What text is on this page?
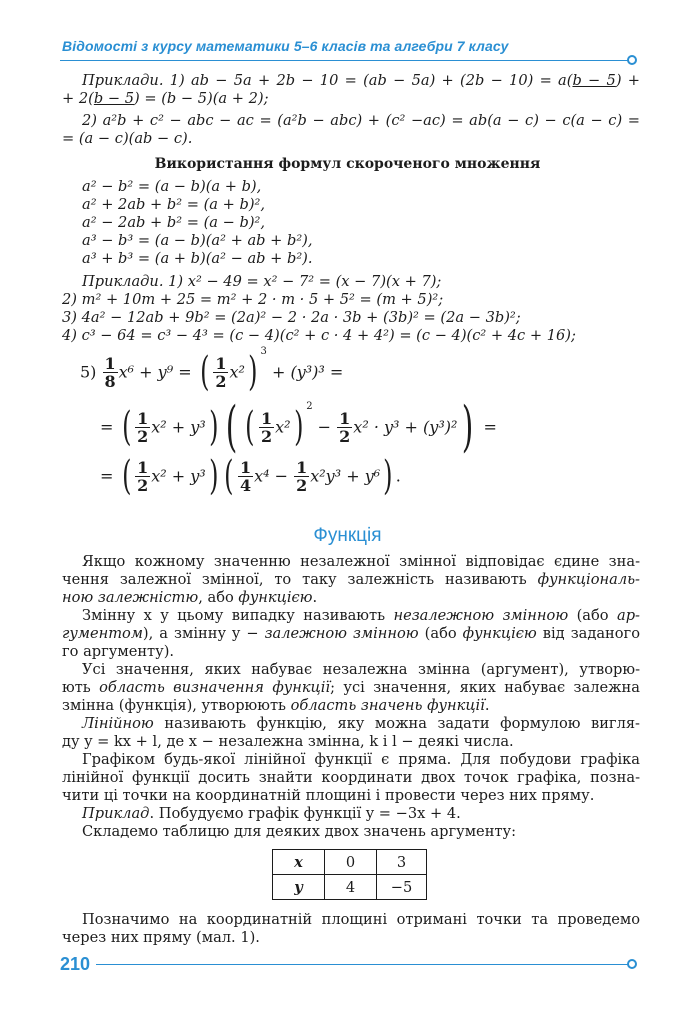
Відомості з курсу математики 5–6 класів та алгебри 7 класу
Приклади. 1) ab − 5a + 2b − 10 = (ab − 5a) + (2b − 10) = a(b − 5) +
+ 2(b − 5) = (b − 5)(a + 2);
2) a²b + c² − abc − ac = (a²b − abc) + (c² −ac) = ab(a − c) − c(a − c) =
= (a − c)(ab − c).
Використання формул скороченого множення
a² − b² = (a − b)(a + b),
a² + 2ab + b² = (a + b)²,
a² − 2ab + b² = (a − b)²,
a³ − b³ = (a − b)(a² + ab + b²),
a³ + b³ = (a + b)(a² − ab + b²).
Приклади. 1) x² − 49 = x² − 7² = (x − 7)(x + 7);
2) m² + 10m + 25 = m² + 2 · m · 5 + 5² = (m + 5)²;
3) 4a² − 12ab + 9b² = (2a)² − 2 · 2a · 3b + (3b)² = (2a − 3b)²;
4) c³ − 64 = c³ − 4³ = (c − 4)(c² + c · 4 + 4²) = (c − 4)(c² + 4c + 16);
$5) \frac{1}{8} x^6 + y^9$ = ( $\frac{1}{2} x^2$) $^3$ + (y³)³ =
= ( $\frac{1}{2} x^2 + y^3$) ( ( $\frac{1}{2} x^2$) $^2 - \frac{1}{2} x^2 \cdot y^3 + (y^3)^2$) =
= ( $\frac{1}{2} x^2 + y^3$) ( $\frac{1}{4} x^4 - \frac{1}{2} x^2y^3 + y^6$) .
Функція
Якщо кожному значенню незалежної змінної відповідає єдине зна-
чення залежної змінної, то таку залежність називають функціональ-
ною залежністю, або функцією.
Змінну x у цьому випадку називають незалежною змінною (або ар-
гументом), а змінну y − залежною змінною (або функцією від заданого
го аргументу).
Усі значення, яких набуває незалежна змінна (аргумент), утворю-
ють область визначення функції; усі значення, яких набуває залежна
змінна (функція), утворюють область значень функції.
Лінійною називають функцію, яку можна задати формулою вигля-
ду y = kx + l, де x − незалежна змінна, k і l − деякі числа.
Графіком будь-якої лінійної функції є пряма. Для побудови графіка
лінійної функції досить знайти координати двох точок графіка, позна-
чити ці точки на координатній площині і провести через них пряму.
Приклад. Побудуємо графік функції y = −3x + 4.
Складемо таблицю для деяких двох значень аргументу:
x	0	3
y	4	−5
Позначимо на координатній площині отримані точки та проведемо
через них пряму (мал. 1).
210
